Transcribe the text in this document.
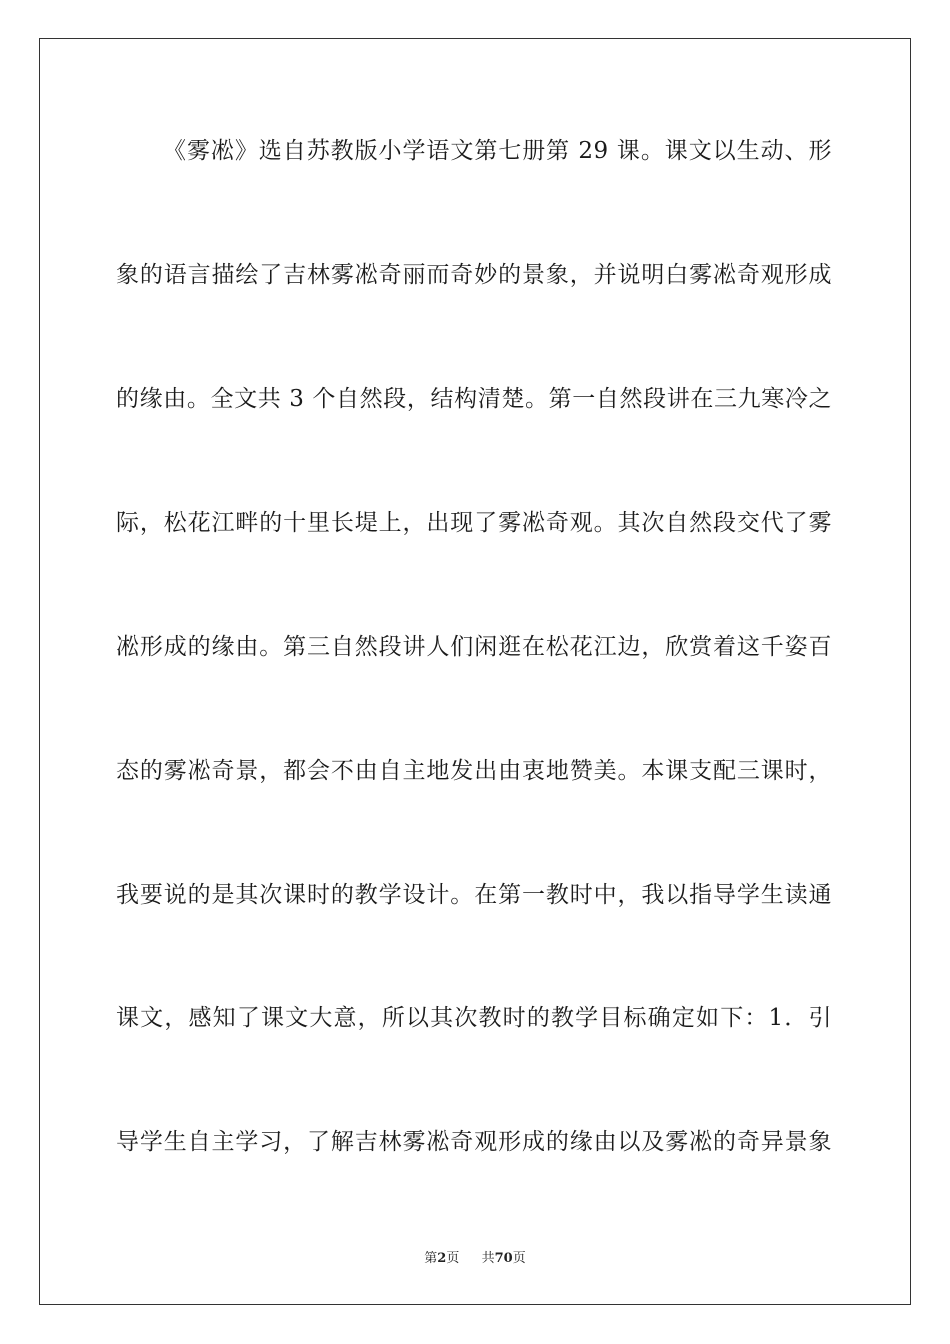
《雾凇》选自苏教版小学语文第七册第 29 课。课文以生动、形
象的语言描绘了吉林雾凇奇丽而奇妙的景象，并说明白雾凇奇观形成
的缘由。全文共 3 个自然段，结构清楚。第一自然段讲在三九寒冷之
际，松花江畔的十里长堤上，出现了雾凇奇观。其次自然段交代了雾
凇形成的缘由。第三自然段讲人们闲逛在松花江边，欣赏着这千姿百
态的雾凇奇景，都会不由自主地发出由衷地赞美。本课支配三课时，
我要说的是其次课时的教学设计。在第一教时中，我以指导学生读通
课文，感知了课文大意，所以其次教时的教学目标确定如下：1．引
导学生自主学习，了解吉林雾凇奇观形成的缘由以及雾凇的奇异景象
第2页 共70页
